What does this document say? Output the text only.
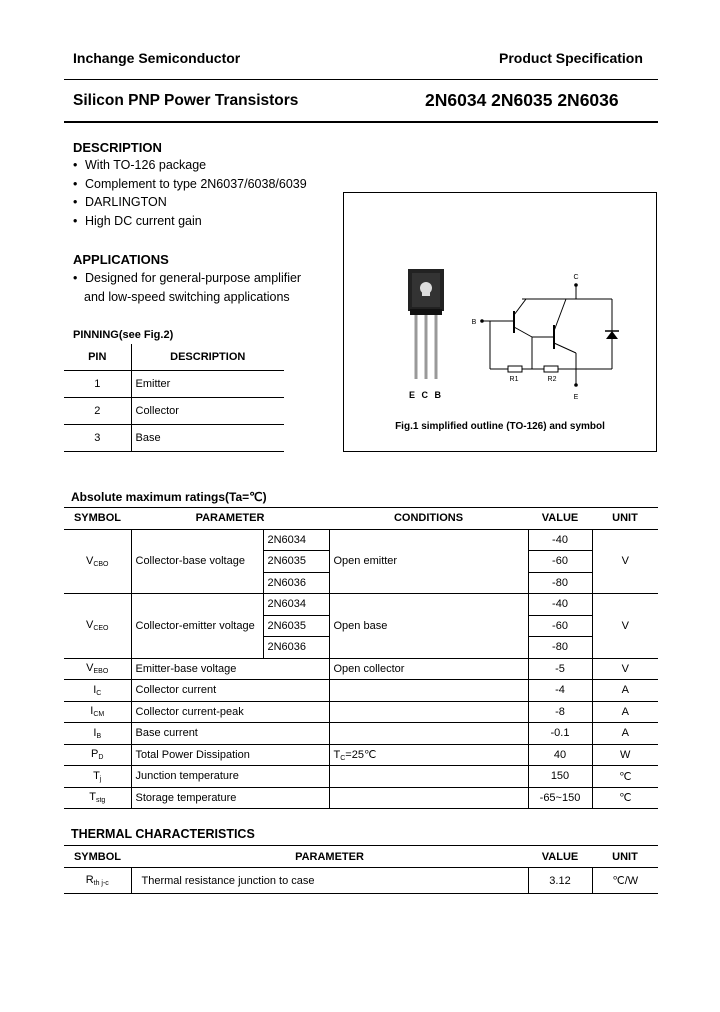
Inchange Semiconductor	Product Specification
Silicon PNP Power Transistors	2N6034 2N6035 2N6036
DESCRIPTION
• With TO-126 package
• Complement to type 2N6037/6038/6039
• DARLINGTON
• High DC current gain
APPLICATIONS
• Designed for general-purpose amplifier
and low-speed switching applications
PINNING(see Fig.2)
PIN	DESCRIPTION
1	Emitter
2	Collector
3	Base
E C B
C
B
E
R1	R2
Fig.1 simplified outline (TO-126) and symbol
Absolute maximum ratings(Ta=℃)
SYMBOL	PARAMETER		CONDITIONS	VALUE	UNIT
$V_{CBO}$	Collector-base voltage	2N6034	Open emitter	-40	V
		2N6035		-60	
		2N6036		-80	
$V_{CEO}$	Collector-emitter voltage	2N6034	Open base	-40	V
		2N6035		-60	
		2N6036		-80	
$V_{EBO}$	Emitter-base voltage		Open collector	-5	V
$I_C$	Collector current			-4	A
$I_{CM}$	Collector current-peak			-8	A
$I_B$	Base current			-0.1	A
$P_D$	Total Power Dissipation		$T_C=25℃$	40	W
$T_j$	Junction temperature			150	℃
$T_{stg}$	Storage temperature			-65~150	℃
THERMAL CHARACTERISTICS
SYMBOL	PARAMETER	VALUE	UNIT
$R_{th j-c}$	Thermal resistance junction to case	3.12	℃/W
